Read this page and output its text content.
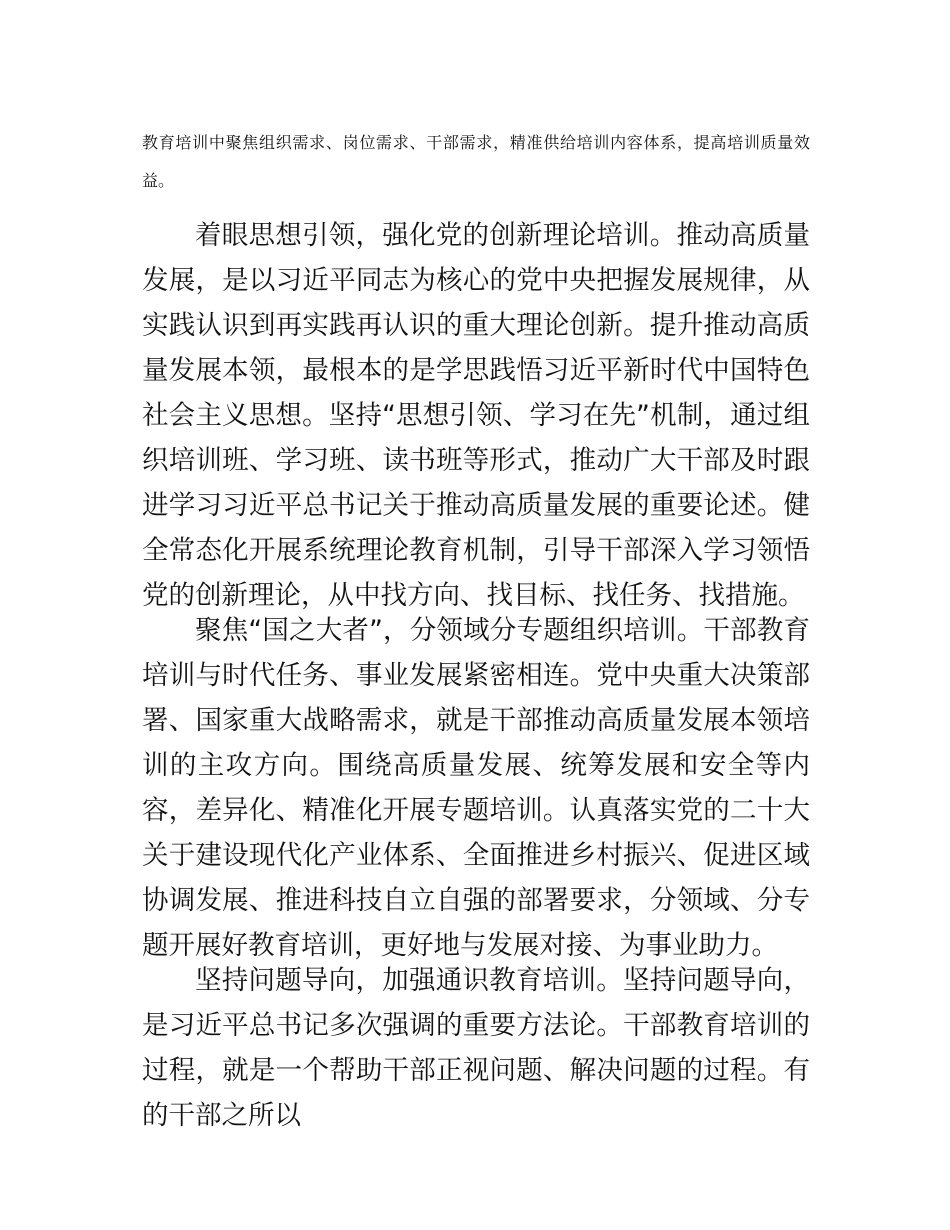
教育培训中聚焦组织需求、岗位需求、干部需求，精准供给培训内容体系，提高培训质量效益。

着眼思想引领，强化党的创新理论培训。推动高质量发展，是以习近平同志为核心的党中央把握发展规律，从实践认识到再实践再认识的重大理论创新。提升推动高质量发展本领，最根本的是学思践悟习近平新时代中国特色社会主义思想。坚持“思想引领、学习在先”机制，通过组织培训班、学习班、读书班等形式，推动广大干部及时跟进学习习近平总书记关于推动高质量发展的重要论述。健全常态化开展系统理论教育机制，引导干部深入学习领悟党的创新理论，从中找方向、找目标、找任务、找措施。

聚焦“国之大者”，分领域分专题组织培训。干部教育培训与时代任务、事业发展紧密相连。党中央重大决策部署、国家重大战略需求，就是干部推动高质量发展本领培训的主攻方向。围绕高质量发展、统筹发展和安全等内容，差异化、精准化开展专题培训。认真落实党的二十大关于建设现代化产业体系、全面推进乡村振兴、促进区域协调发展、推进科技自立自强的部署要求，分领域、分专题开展好教育培训，更好地与发展对接、为事业助力。

坚持问题导向，加强通识教育培训。坚持问题导向，是习近平总书记多次强调的重要方法论。干部教育培训的过程，就是一个帮助干部正视问题、解决问题的过程。有的干部之所以
